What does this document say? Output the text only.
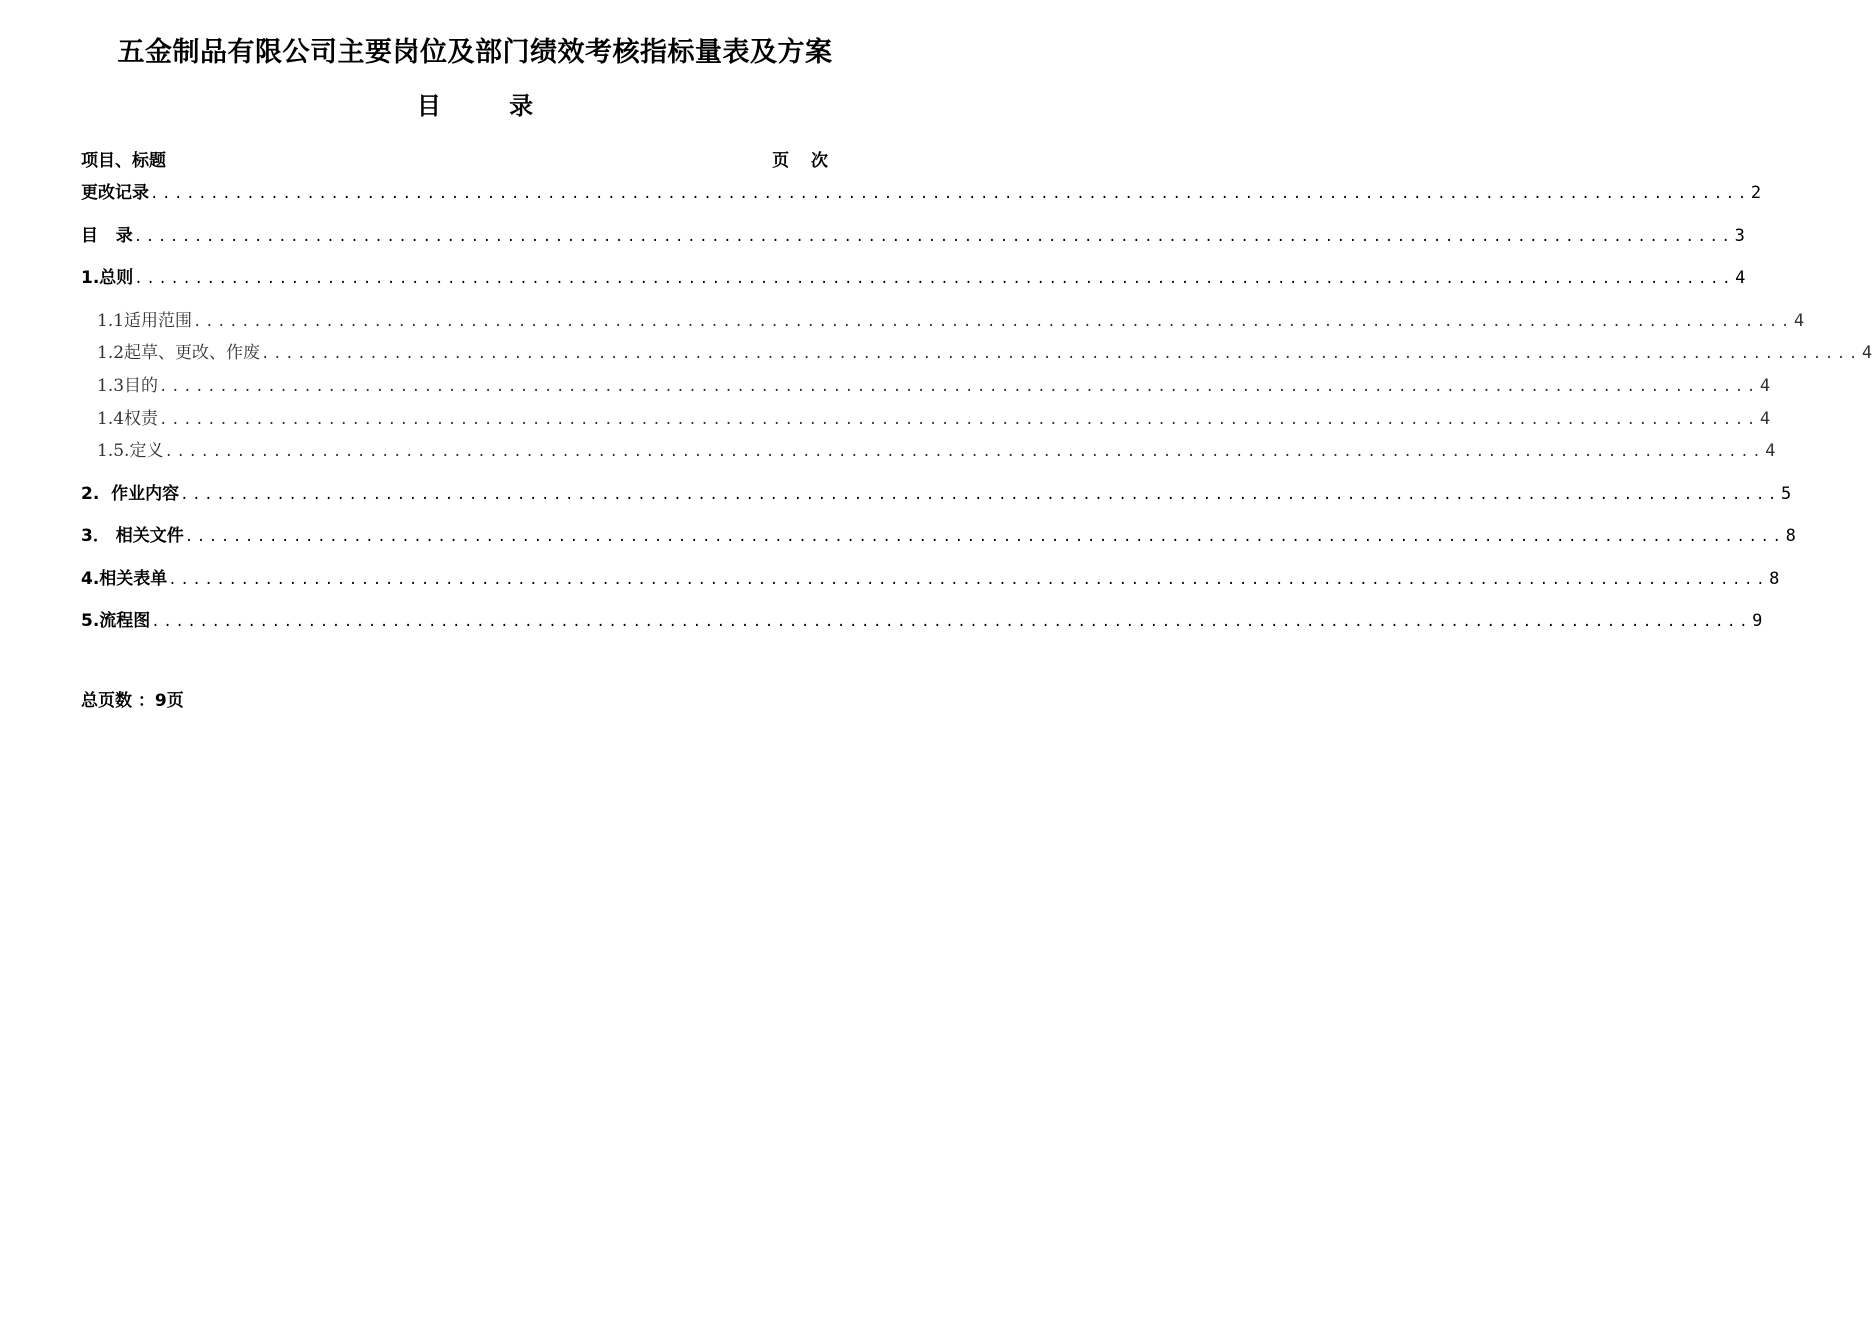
五金制品有限公司主要岗位及部门绩效考核指标量表及方案
目 录
项目、标题	页 次
更改记录 ..................................................................................................................................... 2
目   录 ..................................................................................................................................... 3
1.总则 ..................................................................................................................................... 4
1.1适用范围 ..................................................................................................................................... 4
1.2起草、更改、作废 ..................................................................................................................................... 4
1.3目的 ..................................................................................................................................... 4
1.4权责 ..................................................................................................................................... 4
1.5.定义 ..................................................................................................................................... 4
2.  作业内容 ..................................................................................................................................... 5
3． 相关文件 ..................................................................................................................................... 8
4.相关表单 ..................................................................................................................................... 8
5.流程图 ..................................................................................................................................... 9
总页数 ：9页
